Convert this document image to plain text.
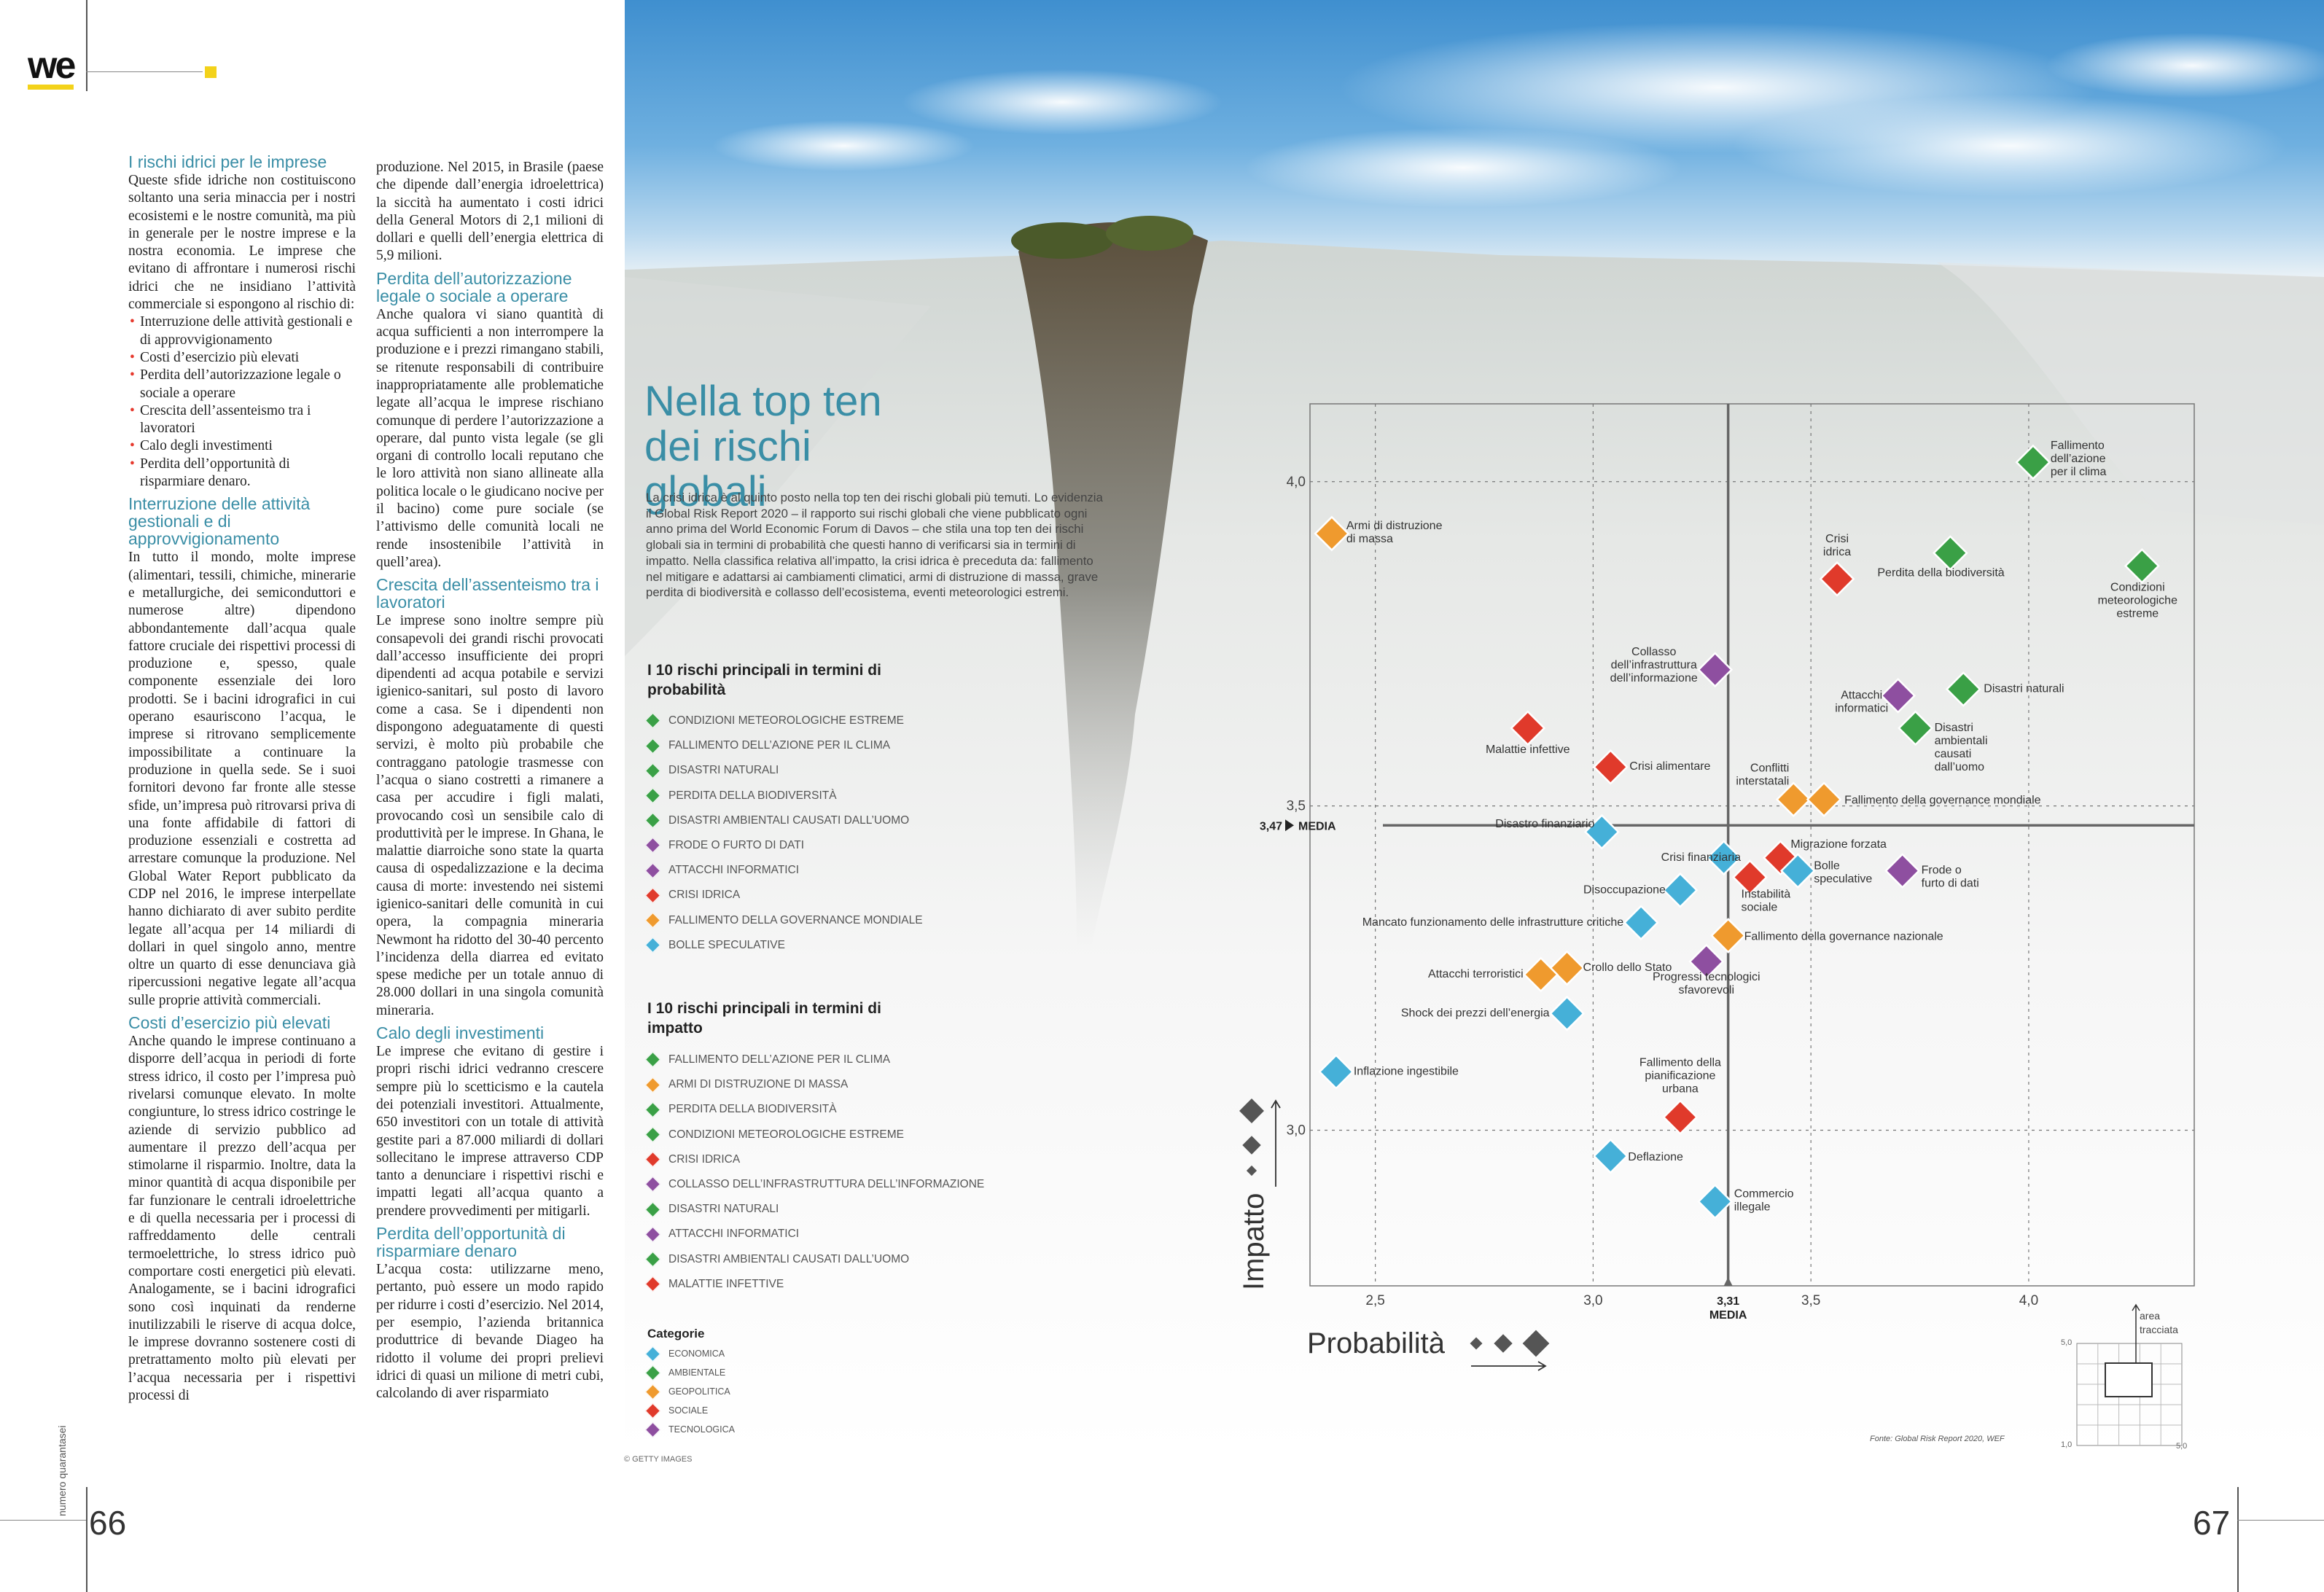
we
I rischi idrici per le imprese

Queste sfide idriche non costituiscono soltanto una seria minaccia per i nostri ecosistemi e le nostre comunità, ma più in generale per le nostre imprese e la nostra economia. Le imprese che evitano di affrontare i numerosi rischi idrici che ne insidiano l’attività commerciale si espongono al rischio di:

• Interruzione delle attività gestionali e di approvvigionamento
• Costi d’esercizio più elevati
• Perdita dell’autorizzazione legale o sociale a operare
• Crescita dell’assenteismo tra i lavoratori
• Calo degli investimenti
• Perdita dell’opportunità di risparmiare denaro.
Interruzione delle attività gestionali e di approvvigionamento

In tutto il mondo, molte imprese (alimentari, tessili, chimiche, minerarie e metallurgiche, dei semiconduttori e numerose altre) dipendono abbondantemente dall’acqua quale fattore cruciale dei rispettivi processi di produzione e, spesso, quale componente essenziale dei loro prodotti. Se i bacini idrografici in cui operano esauriscono l’acqua, le imprese si ritrovano semplicemente impossibilitate a continuare la produzione in quella sede. Se i suoi fornitori devono far fronte alle stesse sfide, un’impresa può ritrovarsi priva di una fonte affidabile di fattori di produzione essenziali e costretta ad arrestare comunque la produzione. Nel Global Water Report pubblicato da CDP nel 2016, le imprese interpellate hanno dichiarato di aver subito perdite legate all’acqua per 14 miliardi di dollari in quel singolo anno, mentre oltre un quarto di esse denunciava già ripercussioni negative legate all’acqua sulle proprie attività commerciali.

Costi d’esercizio più elevati

Anche quando le imprese continuano a disporre dell’acqua in periodi di forte stress idrico, il costo per l’impresa può rivelarsi comunque elevato. In molte congiunture, lo stress idrico costringe le aziende di servizio pubblico ad aumentare il prezzo dell’acqua per stimolarne il risparmio. Inoltre, data la minor quantità di acqua disponibile per far funzionare le centrali idroelettriche e di quella necessaria per i processi di raffreddamento delle centrali termoelettriche, lo stress idrico può comportare costi energetici più elevati. Analogamente, se i bacini idrografici sono così inquinati da renderne inutilizzabili le riserve di acqua dolce, le imprese dovranno sostenere costi di pretrattamento molto più elevati per l’acqua necessaria per i rispettivi processi di

produzione. Nel 2015, in Brasile (paese che dipende dall’energia idroelettrica) la siccità ha aumentato i costi idrici della General Motors di 2,1 milioni di dollari e quelli dell’energia elettrica di 5,9 milioni.

Perdita dell’autorizzazione legale o sociale a operare

Anche qualora vi siano quantità di acqua sufficienti a non interrompere la produzione e i prezzi rimangano stabili, se ritenute responsabili di contribuire inappropriatamente alle problematiche legate all’acqua le imprese rischiano comunque di perdere l’autorizzazione a operare, dal punto vista legale (se gli organi di controllo locali reputano che le loro attività non siano allineate alla politica locale o le giudicano nocive per il bacino) come pure sociale (se l’attivismo delle comunità locali ne rende insostenibile l’attività in quell’area).

Crescita dell’assenteismo tra i lavoratori

Le imprese sono inoltre sempre più consapevoli dei grandi rischi provocati dall’accesso insufficiente dei propri dipendenti ad acqua potabile e servizi igienico-sanitari, sul posto di lavoro come a casa. Se i dipendenti non dispongono adeguatamente di questi servizi, è molto più probabile che contraggano patologie trasmesse con l’acqua o siano costretti a rimanere a casa per accudire i figli malati, provocando così un sensibile calo di produttività per le imprese. In Ghana, le malattie diarroiche sono state la quarta causa di ospedalizzazione e la decima causa di morte: investendo nei sistemi igienico-sanitari delle comunità in cui opera, la compagnia mineraria Newmont ha ridotto del 30-40 percento l’incidenza della diarrea ed evitato spese mediche per un totale annuo di 28.000 dollari in una singola comunità mineraria.

Calo degli investimenti

Le imprese che evitano di gestire i propri rischi idrici vedranno crescere sempre più lo scetticismo e la cautela dei potenziali investitori. Attualmente, 650 investitori con un totale di attività gestite pari a 87.000 miliardi di dollari sollecitano le imprese attraverso CDP tanto a denunciare i rispettivi rischi e impatti legati all’acqua quanto a prendere provvedimenti per mitigarli.

Perdita dell’opportunità di risparmiare denaro

L’acqua costa: utilizzarne meno, pertanto, può essere un modo rapido per ridurre i costi d’esercizio. Nel 2014, per esempio, l’azienda britannica produttrice di bevande Diageo ha ridotto il volume dei propri prelievi idrici di quasi un milione di metri cubi, calcolando di aver risparmiato

numero quarantasei
66
Nella top ten dei rischi globali
La crisi idrica è al quinto posto nella top ten dei rischi globali più temuti. Lo evidenzia il Global Risk Report 2020 – il rapporto sui rischi globali che viene pubblicato ogni anno prima del World Economic Forum di Davos – che stila una top ten dei rischi globali sia in termini di probabilità che questi hanno di verificarsi sia in termini di impatto. Nella classifica relativa all’impatto, la crisi idrica è preceduta da: fallimento nel mitigare e adattarsi ai cambiamenti climatici, armi di distruzione di massa, grave perdita di biodiversità e collasso dell’ecosistema, eventi meteorologici estremi.
I 10 rischi principali in termini di probabilità
CONDIZIONI METEOROLOGICHE ESTREME
FALLIMENTO DELL’AZIONE PER IL CLIMA
DISASTRI NATURALI
PERDITA DELLA BIODIVERSITÀ
DISASTRI AMBIENTALI CAUSATI DALL’UOMO
FRODE O FURTO DI DATI
ATTACCHI INFORMATICI
CRISI IDRICA
FALLIMENTO DELLA GOVERNANCE MONDIALE
BOLLE SPECULATIVE
I 10 rischi principali in termini di impatto
FALLIMENTO DELL’AZIONE PER IL CLIMA
ARMI DI DISTRUZIONE DI MASSA
PERDITA DELLA BIODIVERSITÀ
CONDIZIONI METEOROLOGICHE ESTREME
CRISI IDRICA
COLLASSO DELL’INFRASTRUTTURA DELL’INFORMAZIONE
DISASTRI NATURALI
ATTACCHI INFORMATICI
DISASTRI AMBIENTALI CAUSATI DALL’UOMO
MALATTIE INFETTIVE
Categorie
ECONOMICA
AMBIENTALE
GEOPOLITICA
SOCIALE
TECNOLOGICA
© GETTY IMAGES
Fonte: Global Risk Report 2020, WEF
2,5	3,0	3,5	4,0
3,0
3,5
4,0
3,31
MEDIA
3,47 MEDIA
Probabilità
Impatto
Fallimento dell’azione per il clima
Condizioni meteorologiche estreme
Perdita della biodiversità
Disastri naturali
Disastri ambientali causati dall’uomo
Armi di distruzione di massa	Crisi idrica
Collasso dell’infrastruttura dell’informazione
Attacchi informatici
Malattie infettive
Crisi alimentare	Conflitti interstatali
Fallimento della governance mondiale
Disastro finanziario
Crisi finanziaria
Migrazione forzata
Instabilità sociale
Bolle speculative
Frode o furto di dati
Disoccupazione
Mancato funzionamento delle infrastrutture critiche
Fallimento della governance nazionale
Crollo dello Stato
Progressi tecnologici sfavorevoli
Attacchi terroristici
Shock dei prezzi dell’energia
Inflazione ingestibile
Fallimento della pianificazione urbana
Deflazione
Commercio illegale
area
tracciata
5,0
1,0	5,0
67
